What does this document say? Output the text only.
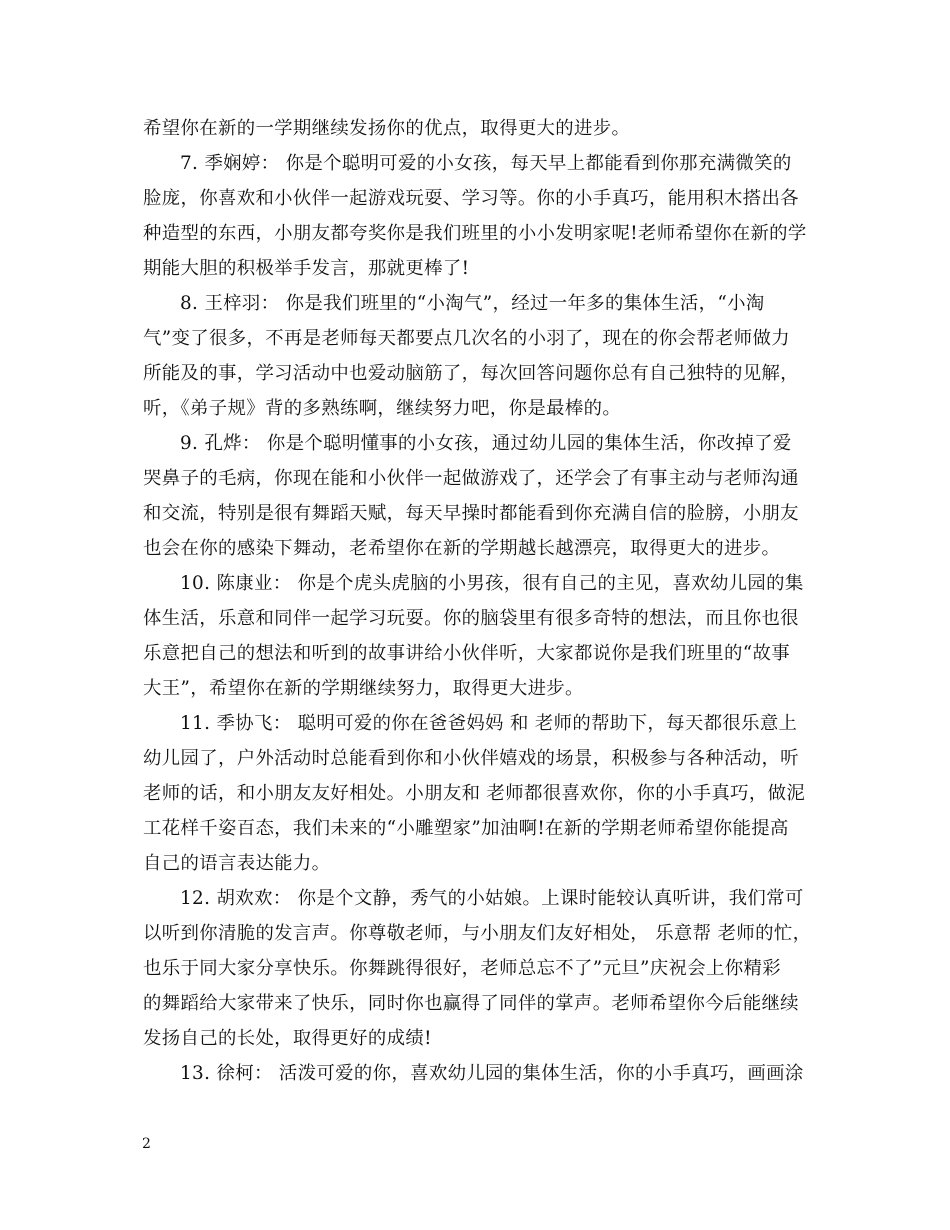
希望你在新的一学期继续发扬你的优点，取得更大的进步。
7. 季娴婷： 你是个聪明可爱的小女孩，每天早上都能看到你那充满微笑的
脸庞，你喜欢和小伙伴一起游戏玩耍、学习等。你的小手真巧，能用积木搭出各
种造型的东西，小朋友都夸奖你是我们班里的小小发明家呢!老师希望你在新的学
期能大胆的积极举手发言，那就更棒了!
8. 王梓羽： 你是我们班里的“小淘气”，经过一年多的集体生活，“小淘
气”变了很多，不再是老师每天都要点几次名的小羽了，现在的你会帮老师做力
所能及的事，学习活动中也爱动脑筋了，每次回答问题你总有自己独特的见解，
听，《弟子规》背的多熟练啊，继续努力吧，你是最棒的。
9. 孔烨： 你是个聪明懂事的小女孩，通过幼儿园的集体生活，你改掉了爱
哭鼻子的毛病，你现在能和小伙伴一起做游戏了，还学会了有事主动与老师沟通
和交流，特别是很有舞蹈天赋，每天早操时都能看到你充满自信的脸膀，小朋友
也会在你的感染下舞动，老希望你在新的学期越长越漂亮，取得更大的进步。
10. 陈康业： 你是个虎头虎脑的小男孩，很有自己的主见，喜欢幼儿园的集
体生活，乐意和同伴一起学习玩耍。你的脑袋里有很多奇特的想法，而且你也很
乐意把自己的想法和听到的故事讲给小伙伴听，大家都说你是我们班里的“故事
大王”，希望你在新的学期继续努力，取得更大进步。
11. 季协飞： 聪明可爱的你在爸爸妈妈 和 老师的帮助下，每天都很乐意上
幼儿园了，户外活动时总能看到你和小伙伴嬉戏的场景，积极参与各种活动，听
老师的话，和小朋友友好相处。小朋友和 老师都很喜欢你，你的小手真巧，做泥
工花样千姿百态，我们未来的“小雕塑家”加油啊!在新的学期老师希望你能提高
自己的语言表达能力。
12. 胡欢欢： 你是个文静，秀气的小姑娘。上课时能较认真听讲，我们常可
以听到你清脆的发言声。你尊敬老师，与小朋友们友好相处， 乐意帮 老师的忙，
也乐于同大家分享快乐。你舞跳得很好，老师总忘不了”元旦”庆祝会上你精彩
的舞蹈给大家带来了快乐，同时你也赢得了同伴的掌声。老师希望你今后能继续
发扬自己的长处，取得更好的成绩!
13. 徐柯： 活泼可爱的你，喜欢幼儿园的集体生活，你的小手真巧，画画涂
2
